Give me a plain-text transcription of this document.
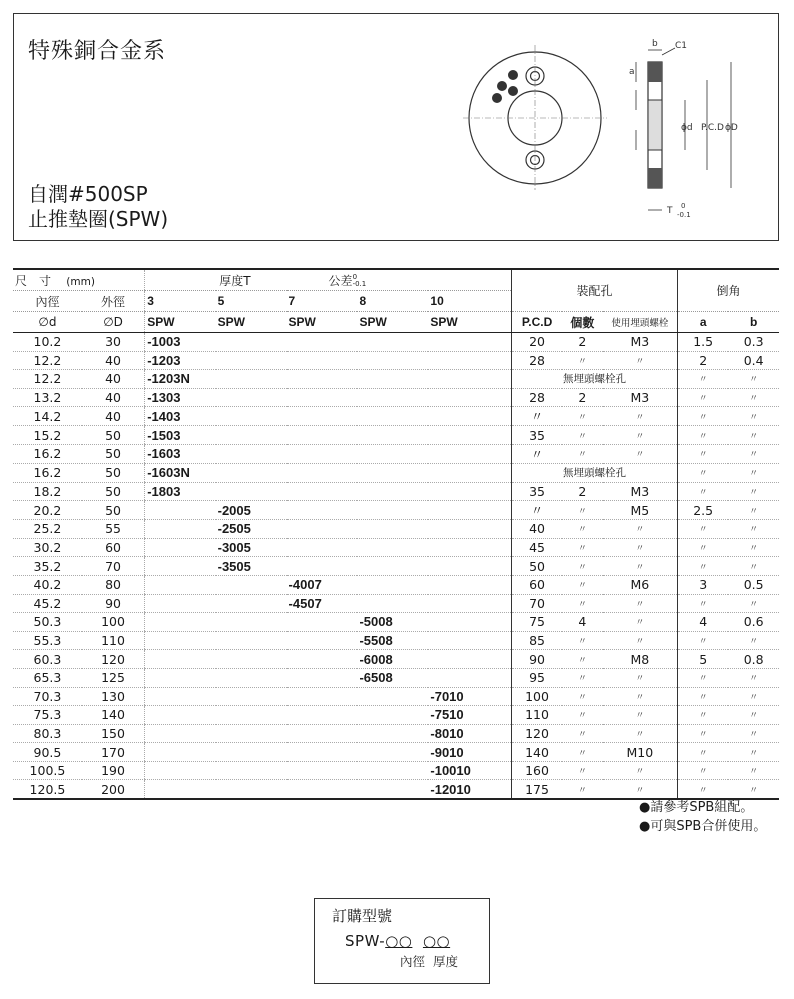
特殊銅合金系
自潤#500SP
止推墊圈(SPW)
b C1
a
ϕd P.C.D ϕD
T 0
-0.1
尺　寸 (mm)		厚度T		公差0
-0.1			裝配孔			倒角	
內徑	外徑	3	5	7	8	10					
∅d	∅D	SPW	SPW	SPW	SPW	SPW	P.C.D	個數	使用埋頭螺栓	a	b
10.2	30	-1003					20	2	M3	1.5	0.3
12.2	40	-1203					28	〃	〃	2	0.4
12.2	40	-1203N					無埋頭螺栓孔			〃	〃
13.2	40	-1303					28	2	M3	〃	〃
14.2	40	-1403					〃	〃	〃	〃	〃
15.2	50	-1503					35	〃	〃	〃	〃
16.2	50	-1603					〃	〃	〃	〃	〃
16.2	50	-1603N					無埋頭螺栓孔			〃	〃
18.2	50	-1803					35	2	M3	〃	〃
20.2	50		-2005				〃	〃	M5	2.5	〃
25.2	55		-2505				40	〃	〃	〃	〃
30.2	60		-3005				45	〃	〃	〃	〃
35.2	70		-3505				50	〃	〃	〃	〃
40.2	80			-4007			60	〃	M6	3	0.5
45.2	90			-4507			70	〃	〃	〃	〃
50.3	100				-5008		75	4	〃	4	0.6
55.3	110				-5508		85	〃	〃	〃	〃
60.3	120				-6008		90	〃	M8	5	0.8
65.3	125				-6508		95	〃	〃	〃	〃
70.3	130					-7010	100	〃	〃	〃	〃
75.3	140					-7510	110	〃	〃	〃	〃
80.3	150					-8010	120	〃	〃	〃	〃
90.5	170					-9010	140	〃	M10	〃	〃
100.5	190					-10010	160	〃	〃	〃	〃
120.5	200					-12010	175	〃	〃	〃	〃
●請參考SPB組配。
●可與SPB合併使用。
訂購型號
SPW-○○ ○○
內徑 厚度
